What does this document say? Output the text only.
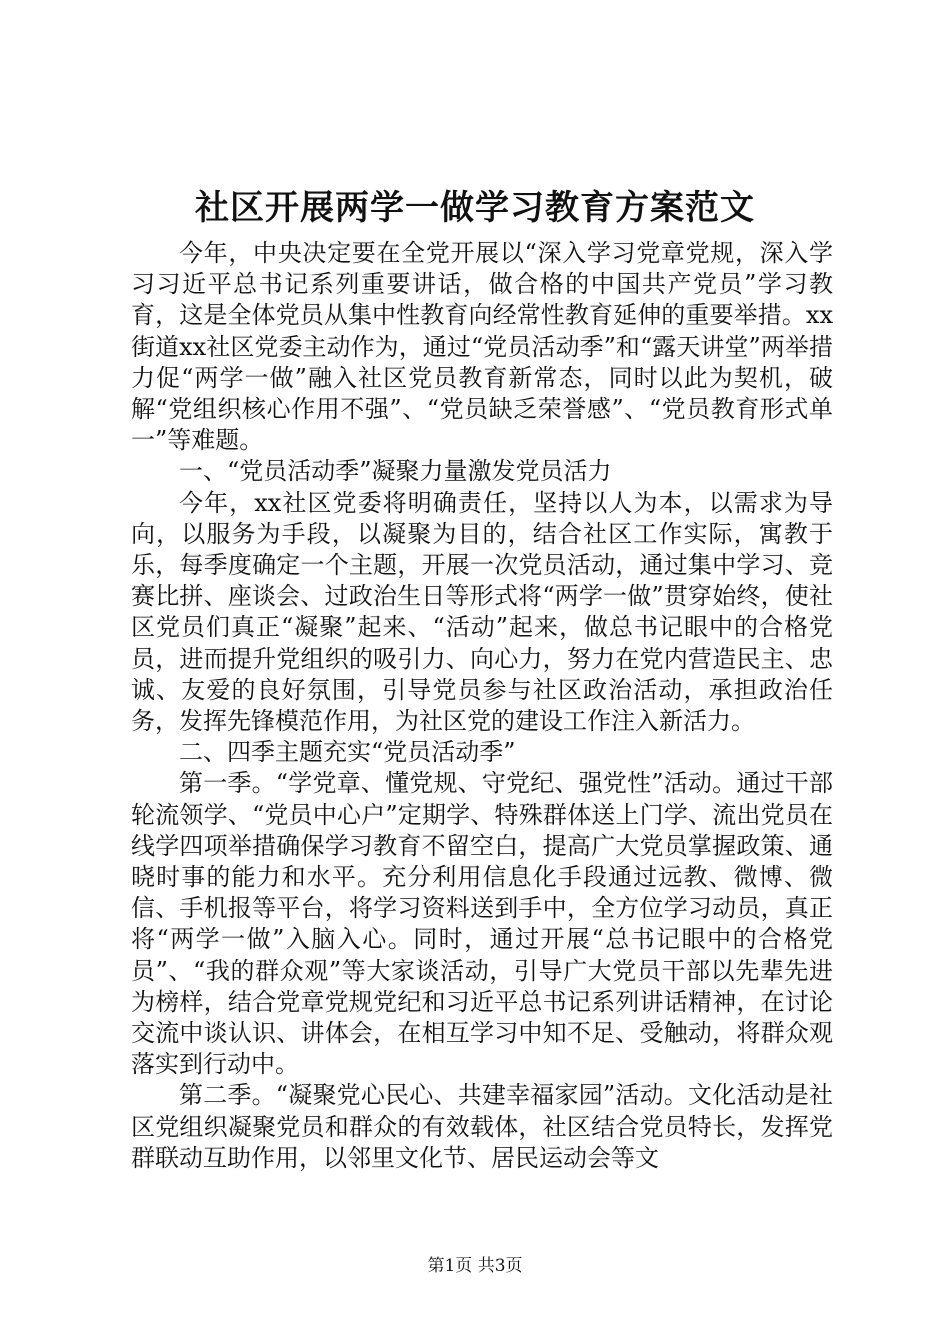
社区开展两学一做学习教育方案范文

今年，中央决定要在全党开展以“深入学习党章党规，深入学习习近平总书记系列重要讲话，做合格的中国共产党员”学习教育，这是全体党员从集中性教育向经常性教育延伸的重要举措。xx街道xx社区党委主动作为，通过“党员活动季”和“露天讲堂”两举措力促“两学一做”融入社区党员教育新常态，同时以此为契机，破解“党组织核心作用不强”、“党员缺乏荣誉感”、“党员教育形式单一”等难题。

一、“党员活动季”凝聚力量激发党员活力

今年，xx社区党委将明确责任，坚持以人为本，以需求为导向，以服务为手段，以凝聚为目的，结合社区工作实际，寓教于乐，每季度确定一个主题，开展一次党员活动，通过集中学习、竞赛比拼、座谈会、过政治生日等形式将“两学一做”贯穿始终，使社区党员们真正“凝聚”起来、“活动”起来，做总书记眼中的合格党员，进而提升党组织的吸引力、向心力，努力在党内营造民主、忠诚、友爱的良好氛围，引导党员参与社区政治活动，承担政治任务，发挥先锋模范作用，为社区党的建设工作注入新活力。

二、四季主题充实“党员活动季”

第一季。“学党章、懂党规、守党纪、强党性”活动。通过干部轮流领学、“党员中心户”定期学、特殊群体送上门学、流出党员在线学四项举措确保学习教育不留空白，提高广大党员掌握政策、通晓时事的能力和水平。充分利用信息化手段通过远教、微博、微信、手机报等平台，将学习资料送到手中，全方位学习动员，真正将“两学一做”入脑入心。同时，通过开展“总书记眼中的合格党员”、“我的群众观”等大家谈活动，引导广大党员干部以先辈先进为榜样，结合党章党规党纪和习近平总书记系列讲话精神，在讨论交流中谈认识、讲体会，在相互学习中知不足、受触动，将群众观落实到行动中。

第二季。“凝聚党心民心、共建幸福家园”活动。文化活动是社区党组织凝聚党员和群众的有效载体，社区结合党员特长，发挥党群联动互助作用，以邻里文化节、居民运动会等文

第1页 共3页
